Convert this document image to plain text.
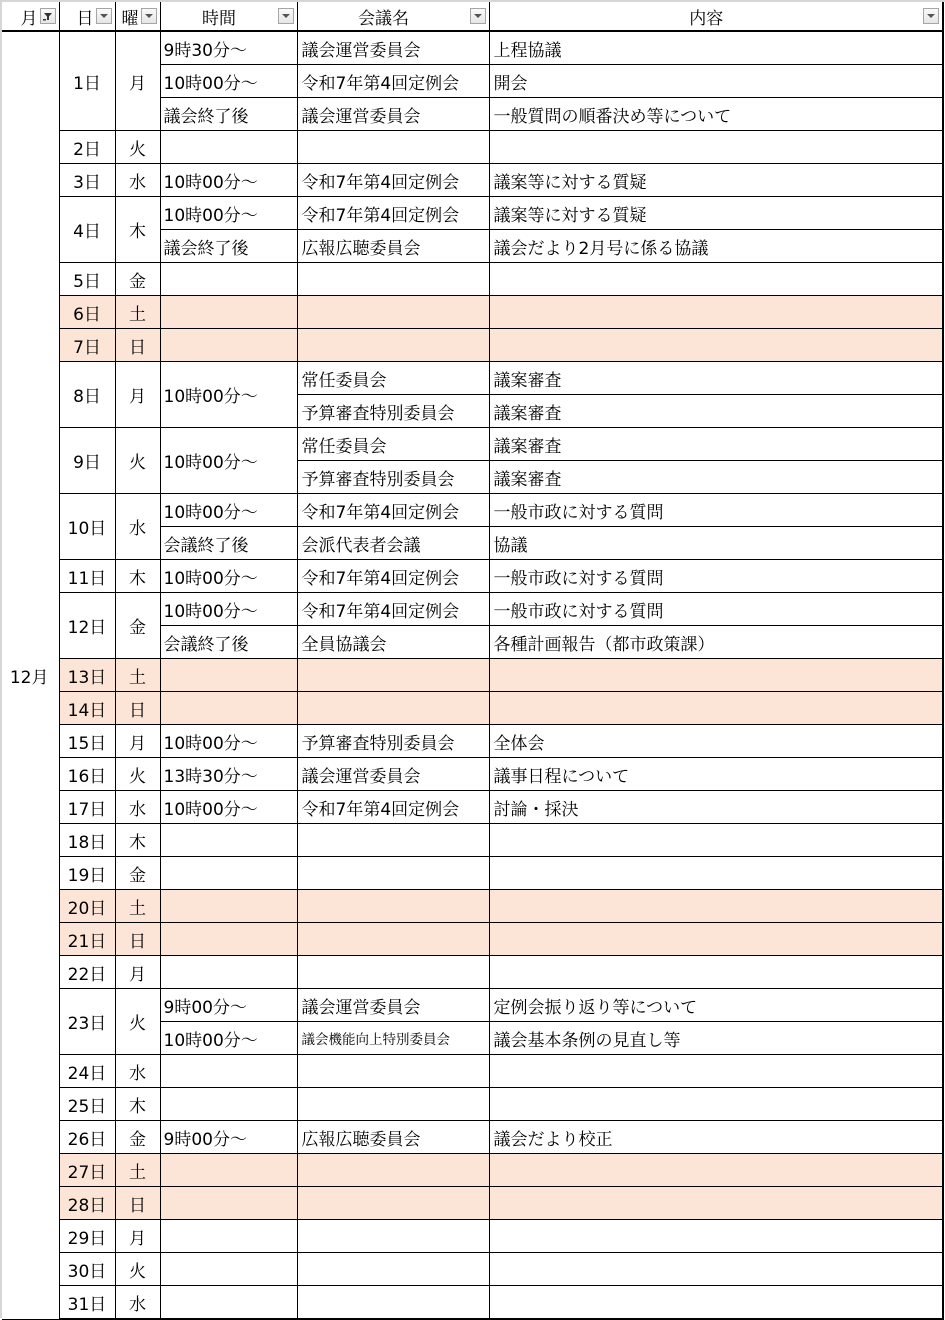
月	日	曜	時間	会議名	内容

12月	1日	月	9時30分～	議会運営委員会	上程協議
			10時00分～	令和7年第4回定例会	開会
			議会終了後	議会運営委員会	一般質問の順番決め等について
	2日	火			
	3日	水	10時00分～	令和7年第4回定例会	議案等に対する質疑
	4日	木	10時00分～	令和7年第4回定例会	議案等に対する質疑
			議会終了後	広報広聴委員会	議会だより2月号に係る協議
	5日	金			
	6日	土			
	7日	日			
	8日	月	10時00分～	常任委員会	議案審査
				予算審査特別委員会	議案審査
	9日	火	10時00分～	常任委員会	議案審査
				予算審査特別委員会	議案審査
	10日	水	10時00分～	令和7年第4回定例会	一般市政に対する質問
			会議終了後	会派代表者会議	協議
	11日	木	10時00分～	令和7年第4回定例会	一般市政に対する質問
	12日	金	10時00分～	令和7年第4回定例会	一般市政に対する質問
			会議終了後	全員協議会	各種計画報告（都市政策課）
	13日	土			
	14日	日			
	15日	月	10時00分～	予算審査特別委員会	全体会
	16日	火	13時30分～	議会運営委員会	議事日程について
	17日	水	10時00分～	令和7年第4回定例会	討論・採決
	18日	木			
	19日	金			
	20日	土			
	21日	日			
	22日	月			
	23日	火	9時00分～	議会運営委員会	定例会振り返り等について
			10時00分～	議会機能向上特別委員会	議会基本条例の見直し等
	24日	水			
	25日	木			
	26日	金	9時00分～	広報広聴委員会	議会だより校正
	27日	土			
	28日	日			
	29日	月			
	30日	火			
	31日	水			
